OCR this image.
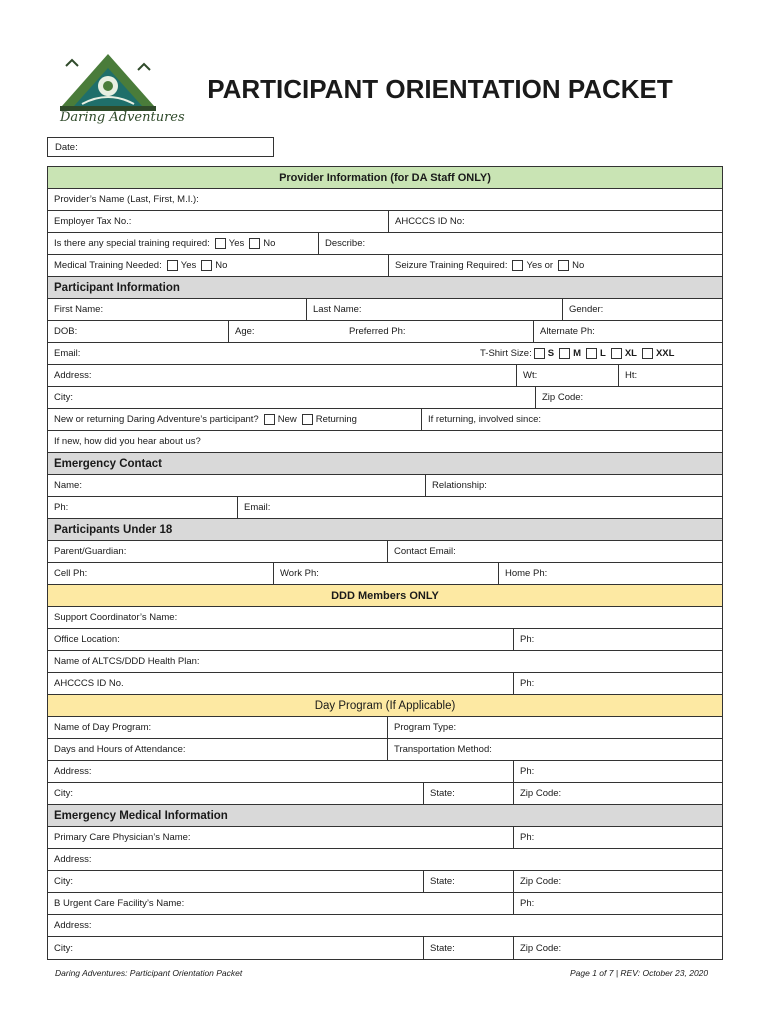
Daring Adventures
PARTICIPANT ORIENTATION PACKET
Date:
Provider Information (for DA Staff ONLY)
Provider’s Name (Last, First, M.I.):
Employer Tax No.:	AHCCCS ID No:
Is there any special training required: Yes No	Describe:
Medical Training Needed: Yes No	Seizure Training Required: Yes or No
Participant Information
First Name:	Last Name:	Gender:
DOB:	Age:	Preferred Ph:	Alternate Ph:
Email:	T-Shirt Size: S M L XL XXL
Address:	Wt:	Ht:
City:	Zip Code:
New or returning Daring Adventure’s participant? New Returning	If returning, involved since:
If new, how did you hear about us?
Emergency Contact
Name:	Relationship:
Ph:	Email:
Participants Under 18
Parent/Guardian:	Contact Email:
Cell Ph:	Work Ph:	Home Ph:
DDD Members ONLY
Support Coordinator’s Name:
Office Location:	Ph:
Name of ALTCS/DDD Health Plan:
AHCCCS ID No.	Ph:
Day Program (If Applicable)
Name of Day Program:	Program Type:
Days and Hours of Attendance:	Transportation Method:
Address:	Ph:
City:	State:	Zip Code:
Emergency Medical Information
Primary Care Physician’s Name:	Ph:
Address:
City:	State:	Zip Code:
B Urgent Care Facility’s Name:	Ph:
Address:
City:	State:	Zip Code:
Daring Adventures: Participant Orientation Packet	Page 1 of 7 | REV: October 23, 2020
